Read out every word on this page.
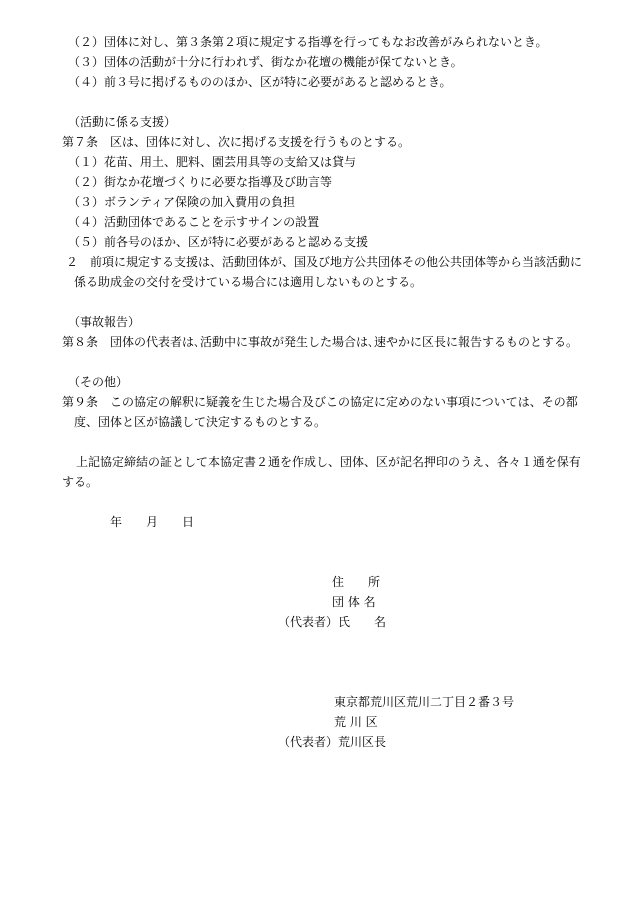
（２）団体に対し、第３条第２項に規定する指導を行ってもなお改善がみられないとき。

（３）団体の活動が十分に行われず、街なか花壇の機能が保てないとき。

（４）前３号に掲げるもののほか、区が特に必要があると認めるとき。

（活動に係る支援）

第７条　区は、団体に対し、次に掲げる支援を行うものとする。

（１）花苗、用土、肥料、園芸用具等の支給又は貸与

（２）街なか花壇づくりに必要な指導及び助言等

（３）ボランティア保険の加入費用の負担

（４）活動団体であることを示すサインの設置

（５）前各号のほか、区が特に必要があると認める支援

２　前項に規定する支援は、活動団体が、国及び地方公共団体その他公共団体等から当該活動に

係る助成金の交付を受けている場合には適用しないものとする。

（事故報告）

第８条　団体の代表者は､活動中に事故が発生した場合は､速やかに区長に報告するものとする。

（その他）

第９条　この協定の解釈に疑義を生じた場合及びこの協定に定めのない事項については、その都

度、団体と区が協議して決定するものとする。

上記協定締結の証として本協定書２通を作成し、団体、区が記名押印のうえ、各々１通を保有

する。

年　　月　　日

住　　所

団 体 名

（代表者）氏　　名

東京都荒川区荒川二丁目２番３号

荒 川 区

（代表者）荒川区長
